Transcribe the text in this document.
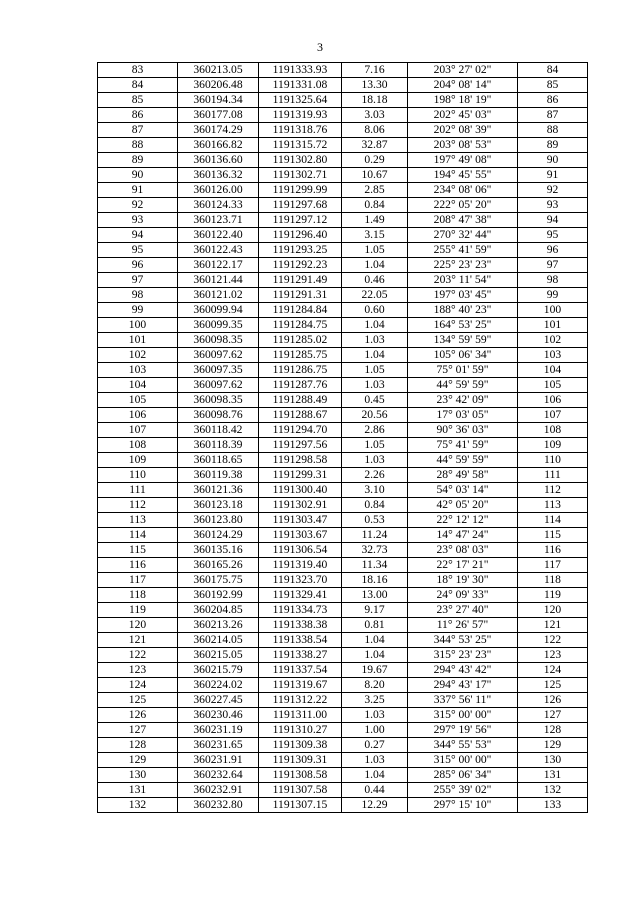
3
83	360213.05	1191333.93	7.16	203° 27' 02"	84
84	360206.48	1191331.08	13.30	204° 08' 14"	85
85	360194.34	1191325.64	18.18	198° 18' 19"	86
86	360177.08	1191319.93	3.03	202° 45' 03"	87
87	360174.29	1191318.76	8.06	202° 08' 39"	88
88	360166.82	1191315.72	32.87	203° 08' 53"	89
89	360136.60	1191302.80	0.29	197° 49' 08"	90
90	360136.32	1191302.71	10.67	194° 45' 55"	91
91	360126.00	1191299.99	2.85	234° 08' 06"	92
92	360124.33	1191297.68	0.84	222° 05' 20"	93
93	360123.71	1191297.12	1.49	208° 47' 38"	94
94	360122.40	1191296.40	3.15	270° 32' 44"	95
95	360122.43	1191293.25	1.05	255° 41' 59"	96
96	360122.17	1191292.23	1.04	225° 23' 23"	97
97	360121.44	1191291.49	0.46	203° 11' 54"	98
98	360121.02	1191291.31	22.05	197° 03' 45"	99
99	360099.94	1191284.84	0.60	188° 40' 23"	100
100	360099.35	1191284.75	1.04	164° 53' 25"	101
101	360098.35	1191285.02	1.03	134° 59' 59"	102
102	360097.62	1191285.75	1.04	105° 06' 34"	103
103	360097.35	1191286.75	1.05	75° 01' 59"	104
104	360097.62	1191287.76	1.03	44° 59' 59"	105
105	360098.35	1191288.49	0.45	23° 42' 09"	106
106	360098.76	1191288.67	20.56	17° 03' 05"	107
107	360118.42	1191294.70	2.86	90° 36' 03"	108
108	360118.39	1191297.56	1.05	75° 41' 59"	109
109	360118.65	1191298.58	1.03	44° 59' 59"	110
110	360119.38	1191299.31	2.26	28° 49' 58"	111
111	360121.36	1191300.40	3.10	54° 03' 14"	112
112	360123.18	1191302.91	0.84	42° 05' 20"	113
113	360123.80	1191303.47	0.53	22° 12' 12"	114
114	360124.29	1191303.67	11.24	14° 47' 24"	115
115	360135.16	1191306.54	32.73	23° 08' 03"	116
116	360165.26	1191319.40	11.34	22° 17' 21"	117
117	360175.75	1191323.70	18.16	18° 19' 30"	118
118	360192.99	1191329.41	13.00	24° 09' 33"	119
119	360204.85	1191334.73	9.17	23° 27' 40"	120
120	360213.26	1191338.38	0.81	11° 26' 57"	121
121	360214.05	1191338.54	1.04	344° 53' 25"	122
122	360215.05	1191338.27	1.04	315° 23' 23"	123
123	360215.79	1191337.54	19.67	294° 43' 42"	124
124	360224.02	1191319.67	8.20	294° 43' 17"	125
125	360227.45	1191312.22	3.25	337° 56' 11"	126
126	360230.46	1191311.00	1.03	315° 00' 00"	127
127	360231.19	1191310.27	1.00	297° 19' 56"	128
128	360231.65	1191309.38	0.27	344° 55' 53"	129
129	360231.91	1191309.31	1.03	315° 00' 00"	130
130	360232.64	1191308.58	1.04	285° 06' 34"	131
131	360232.91	1191307.58	0.44	255° 39' 02"	132
132	360232.80	1191307.15	12.29	297° 15' 10"	133
